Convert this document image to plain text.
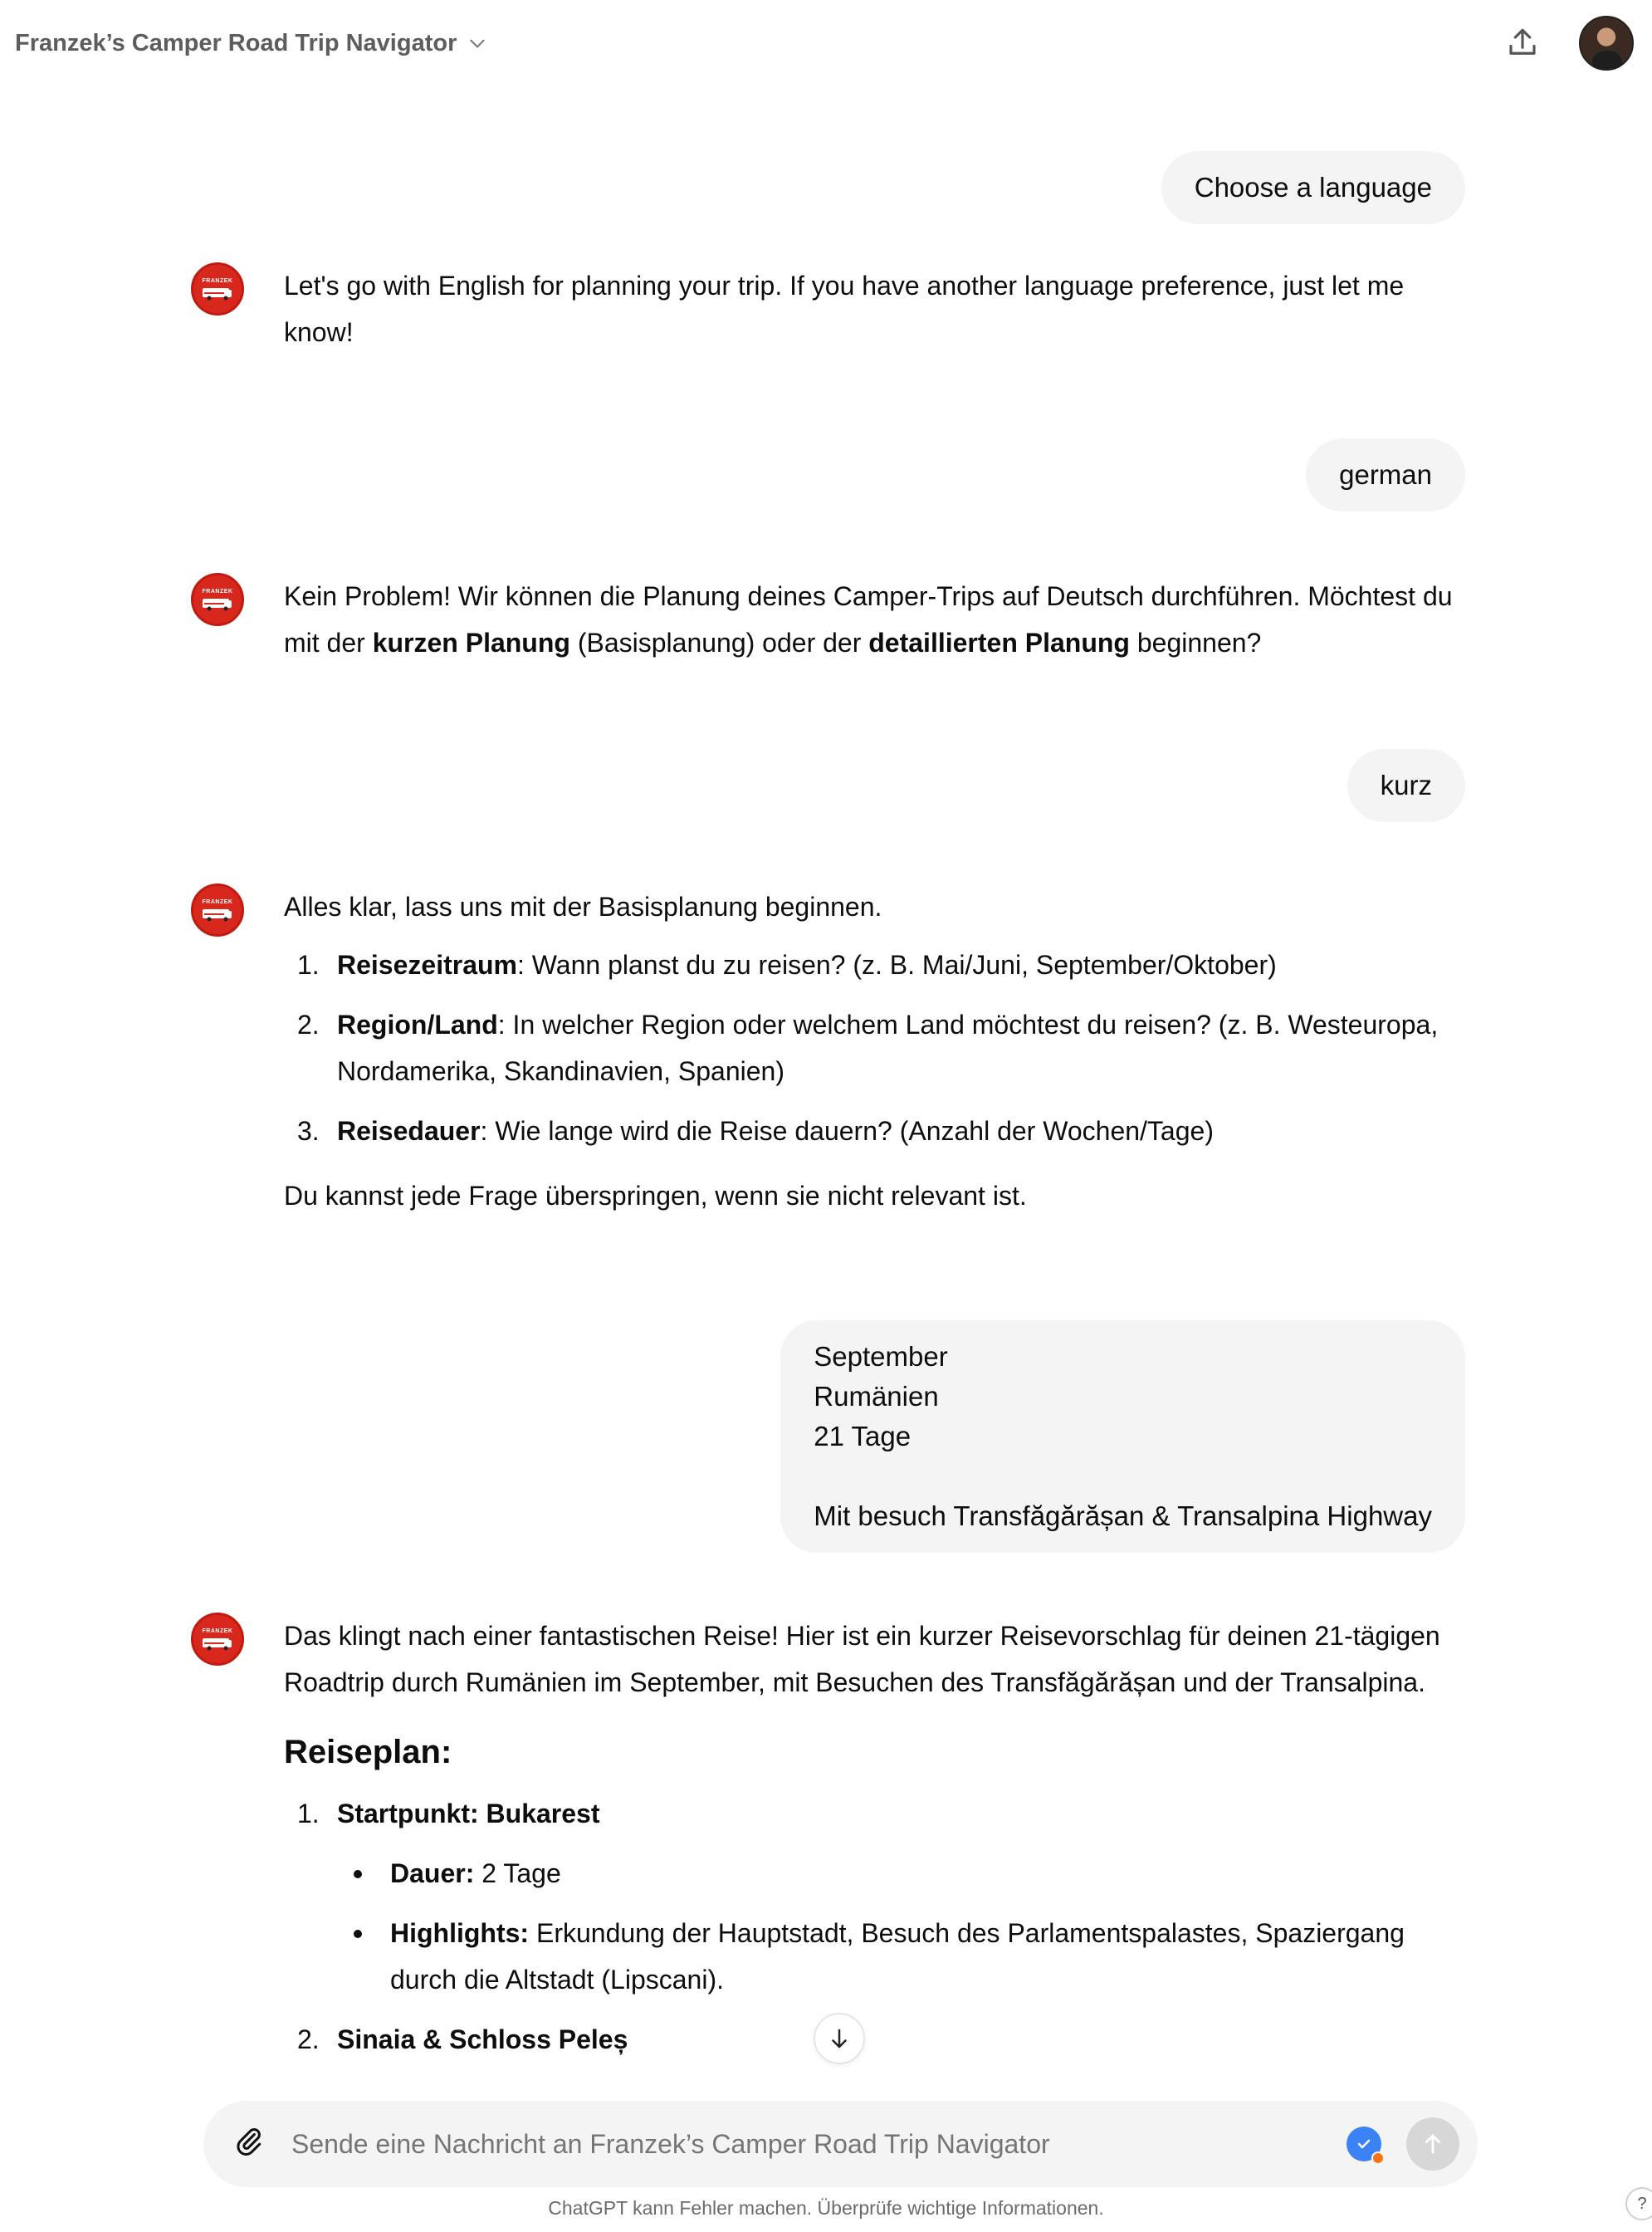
Franzek’s Camper Road Trip Navigator
Choose a language
FRANZEK Let's go with English for planning your trip. If you have another language preference, just let me know!

german
FRANZEK Kein Problem! Wir können die Planung deines Camper-Trips auf Deutsch durchführen. Möchtest du mit der kurzen Planung (Basisplanung) oder der detaillierten Planung beginnen?

kurz
FRANZEK Alles klar, lass uns mit der Basisplanung beginnen.

1. Reisezeitraum: Wann planst du zu reisen? (z. B. Mai/Juni, September/Oktober)
2. Region/Land: In welcher Region oder welchem Land möchtest du reisen? (z. B. Westeuropa, Nordamerika, Skandinavien, Spanien)
3. Reisedauer: Wie lange wird die Reise dauern? (Anzahl der Wochen/Tage)

Du kannst jede Frage überspringen, wenn sie nicht relevant ist.

September
Rumänien
21 Tage
Mit besuch Transfăgărășan & Transalpina Highway
FRANZEK Das klingt nach einer fantastischen Reise! Hier ist ein kurzer Reisevorschlag für deinen 21-tägigen Roadtrip durch Rumänien im September, mit Besuchen des Transfăgărășan und der Transalpina.

Reiseplan:
1. Startpunkt: Bukarest
Dauer: 2 Tage
Highlights: Erkundung der Hauptstadt, Besuch des Parlamentspalastes, Spaziergang durch die Altstadt (Lipscani).
2. Sinaia & Schloss Peleș
Sende eine Nachricht an Franzek’s Camper Road Trip Navigator
ChatGPT kann Fehler machen. Überprüfe wichtige Informationen.	?
